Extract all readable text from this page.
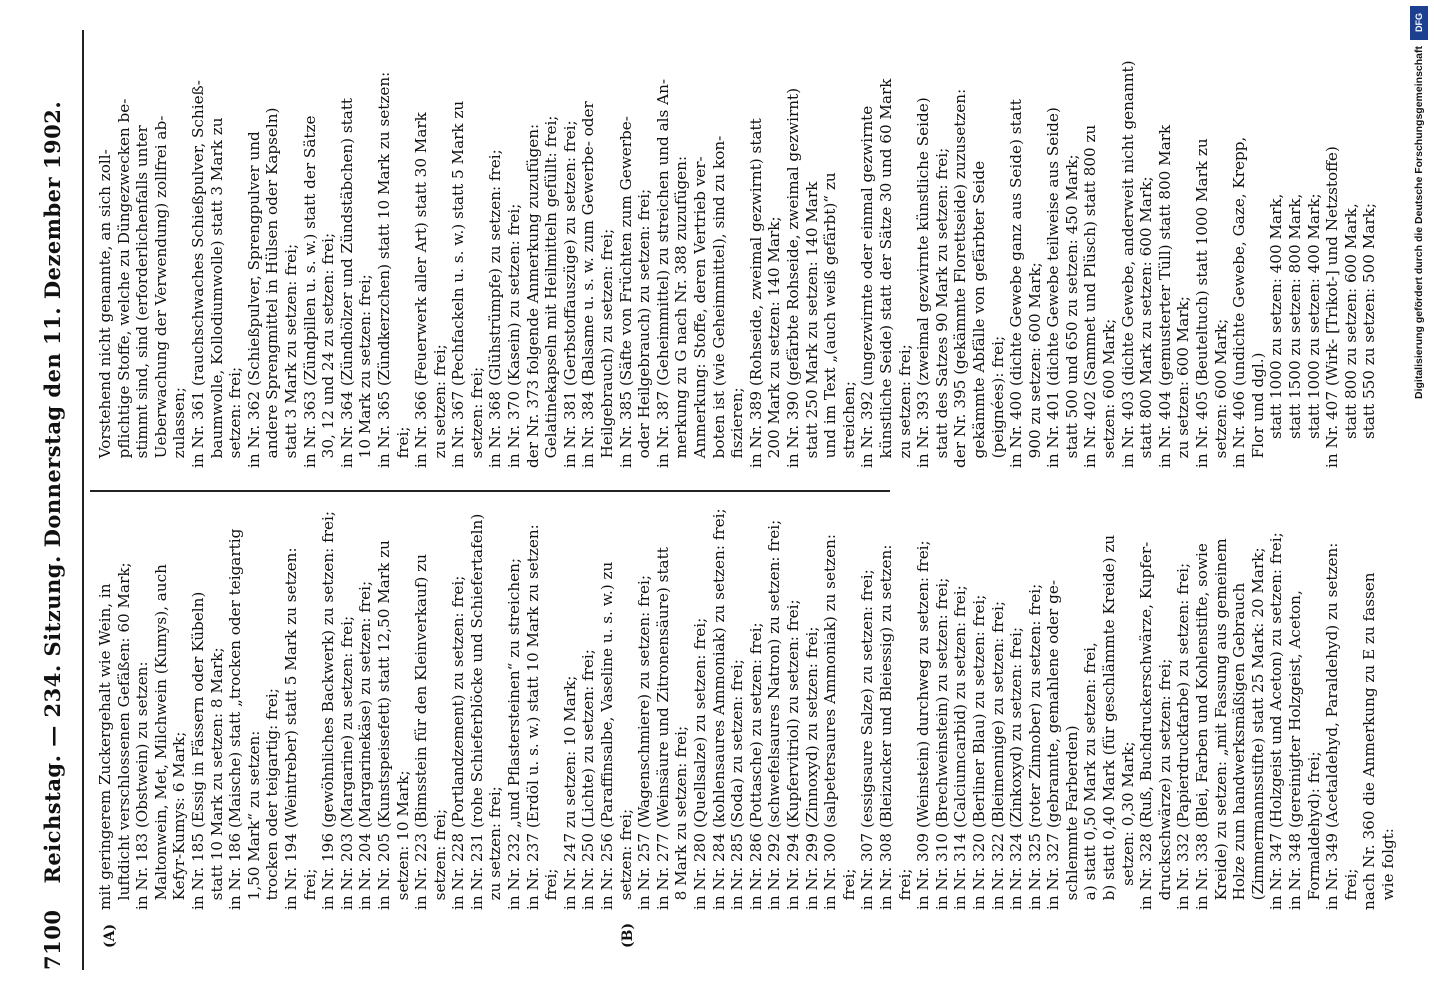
7100
Reichstag. — 234. Sitzung. Donnerstag den 11. Dezember 1902.
(A)	(B)
mit geringerem Zuckergehalt wie Wein, in luftdicht verschlossenen Gefäßen: 60 Mark; in Nr. 183 (Obstwein) zu setzen: Maltonwein, Met, Milchwein (Kumys), auch Kefyr-Kumys: 6 Mark; in Nr. 185 (Essig in Fässern oder Kübeln) statt 10 Mark zu setzen: 8 Mark; in Nr. 186 (Maische) statt „trocken oder teigartig 1,50 Mark“ zu setzen: trocken oder teigartig: frei; in Nr. 194 (Weintreber) statt 5 Mark zu setzen: frei; in Nr. 196 (gewöhnliches Backwerk) zu setzen: frei; in Nr. 203 (Margarine) zu setzen: frei; in Nr. 204 (Margarinekäse) zu setzen: frei; in Nr. 205 (Kunstspeisefett) statt 12,50 Mark zu setzen: 10 Mark; in Nr. 223 (Bimsstein für den Kleinverkauf) zu setzen: frei; in Nr. 228 (Portlandzement) zu setzen: frei; in Nr. 231 (rohe Schieferblöcke und Schiefertafeln) zu setzen: frei; in Nr. 232 „und Pflastersteinen“ zu streichen; in Nr. 237 (Erdöl u. s. w.) statt 10 Mark zu setzen: frei; in Nr. 247 zu setzen: 10 Mark; in Nr. 250 (Lichte) zu setzen: frei; in Nr. 256 (Paraffinsalbe, Vaseline u. s. w.) zu setzen: frei; in Nr. 257 (Wagenschmiere) zu setzen: frei; in Nr. 277 (Weinsäure und Zitronensäure) statt 8 Mark zu setzen: frei; in Nr. 280 (Quellsalze) zu setzen: frei; in Nr. 284 (kohlensaures Ammoniak) zu setzen: frei; in Nr. 285 (Soda) zu setzen: frei; in Nr. 286 (Pottasche) zu setzen: frei; in Nr. 292 (schwefelsaures Natron) zu setzen: frei; in Nr. 294 (Kupfervitriol) zu setzen: frei; in Nr. 299 (Zinnoxyd) zu setzen: frei; in Nr. 300 (salpetersaures Ammoniak) zu setzen: frei; in Nr. 307 (essigsaure Salze) zu setzen: frei; in Nr. 308 (Bleizucker und Bleiessig) zu setzen: frei; in Nr. 309 (Weinstein) durchweg zu setzen: frei; in Nr. 310 (Brechweinstein) zu setzen: frei; in Nr. 314 (Calciumcarbid) zu setzen: frei; in Nr. 320 (Berliner Blau) zu setzen: frei; in Nr. 322 (Bleimennige) zu setzen: frei; in Nr. 324 (Zinkoxyd) zu setzen: frei; in Nr. 325 (roter Zinnober) zu setzen: frei; in Nr. 327 (gebrannte, gemahlene oder ge- schlemmte Farberden) a) statt 0,50 Mark zu setzen: frei, b) statt 0,40 Mark (für geschlämmte Kreide) zu setzen: 0,30 Mark; in Nr. 328 (Ruß, Buchdruckerschwärze, Kupfer- druckschwärze) zu setzen: frei; in Nr. 332 (Papierdruckfarbe) zu setzen: frei; in Nr. 338 (Blei, Farben und Kohlenstifte, sowie Kreide) zu setzen: „mit Fassung aus gemeinem Holze zum handwerksmäßigen Gebrauch (Zimmermannsstifte) statt 25 Mark: 20 Mark; in Nr. 347 (Holzgeist und Aceton) zu setzen: frei; in Nr. 348 (gereinigter Holzgeist, Aceton, Formaldehyd): frei; in Nr. 349 (Acetaldehyd, Paraldehyd) zu setzen: frei; nach Nr. 360 die Anmerkung zu E zu fassen wie folgt:
Vorstehend nicht genannte, an sich zoll- pflichtige Stoffe, welche zu Düngezwecken be- stimmt sind, sind (erforderlichenfalls unter Ueberwachung der Verwendung) zollfrei ab- zulassen; in Nr. 361 (rauchschwaches Schießpulver, Schieß- baumwolle, Kollodiumwolle) statt 3 Mark zu setzen: frei; in Nr. 362 (Schießpulver, Sprengpulver und andere Sprengmittel in Hülsen oder Kapseln) statt 3 Mark zu setzen: frei; in Nr. 363 (Zündpillen u. s. w.) statt der Sätze 30, 12 und 24 zu setzen: frei; in Nr. 364 (Zündhölzer und Zündstäbchen) statt 10 Mark zu setzen: frei; in Nr. 365 (Zündkerzchen) statt 10 Mark zu setzen: frei; in Nr. 366 (Feuerwerk aller Art) statt 30 Mark zu setzen: frei; in Nr. 367 (Pechfackeln u. s. w.) statt 5 Mark zu setzen: frei; in Nr. 368 (Glühstrümpfe) zu setzen: frei; in Nr. 370 (Kasein) zu setzen: frei; der Nr. 373 folgende Anmerkung zuzufügen: Gelatinekapseln mit Heilmitteln gefüllt: frei; in Nr. 381 (Gerbstoffauszüge) zu setzen: frei; in Nr. 384 (Balsame u. s. w. zum Gewerbe- oder Heilgebrauch) zu setzen: frei; in Nr. 385 (Säfte von Früchten zum Gewerbe- oder Heilgebrauch) zu setzen: frei; in Nr. 387 (Geheimmittel) zu streichen und als An- merkung zu G nach Nr. 388 zuzufügen: Anmerkung: Stoffe, deren Vertrieb ver- boten ist (wie Geheimmittel), sind zu kon- fiszieren; in Nr. 389 (Rohseide, zweimal gezwirnt) statt 200 Mark zu setzen: 140 Mark; in Nr. 390 (gefärbte Rohseide, zweimal gezwirnt) statt 250 Mark zu setzen: 140 Mark und im Text „(auch weiß gefärbt)“ zu streichen; in Nr. 392 (ungezwirnte oder einmal gezwirnte künstliche Seide) statt der Sätze 30 und 60 Mark zu setzen: frei; in Nr. 393 (zweimal gezwirnte künstliche Seide) statt des Satzes 90 Mark zu setzen: frei; der Nr. 395 (gekämmte Florettseide) zuzusetzen: gekämmte Abfälle von gefärbter Seide (peignées): frei; in Nr. 400 (dichte Gewebe ganz aus Seide) statt 900 zu setzen: 600 Mark; in Nr. 401 (dichte Gewebe teilweise aus Seide) statt 500 und 650 zu setzen: 450 Mark; in Nr. 402 (Sammet und Plüsch) statt 800 zu setzen: 600 Mark; in Nr. 403 (dichte Gewebe, anderweit nicht genannt) statt 800 Mark zu setzen: 600 Mark; in Nr. 404 (gemusterter Tüll) statt 800 Mark zu setzen: 600 Mark; in Nr. 405 (Beuteltuch) statt 1000 Mark zu setzen: 600 Mark; in Nr. 406 (undichte Gewebe, Gaze, Krepp, Flor und dgl.) statt 1000 zu setzen: 400 Mark, statt 1500 zu setzen: 800 Mark, statt 1000 zu setzen: 400 Mark; in Nr. 407 (Wirk- [Trikot-] und Netzstoffe) statt 800 zu setzen: 600 Mark, statt 550 zu setzen: 500 Mark;
DFG
Digitalisierung gefördert durch die Deutsche Forschungsgemeinschaft
